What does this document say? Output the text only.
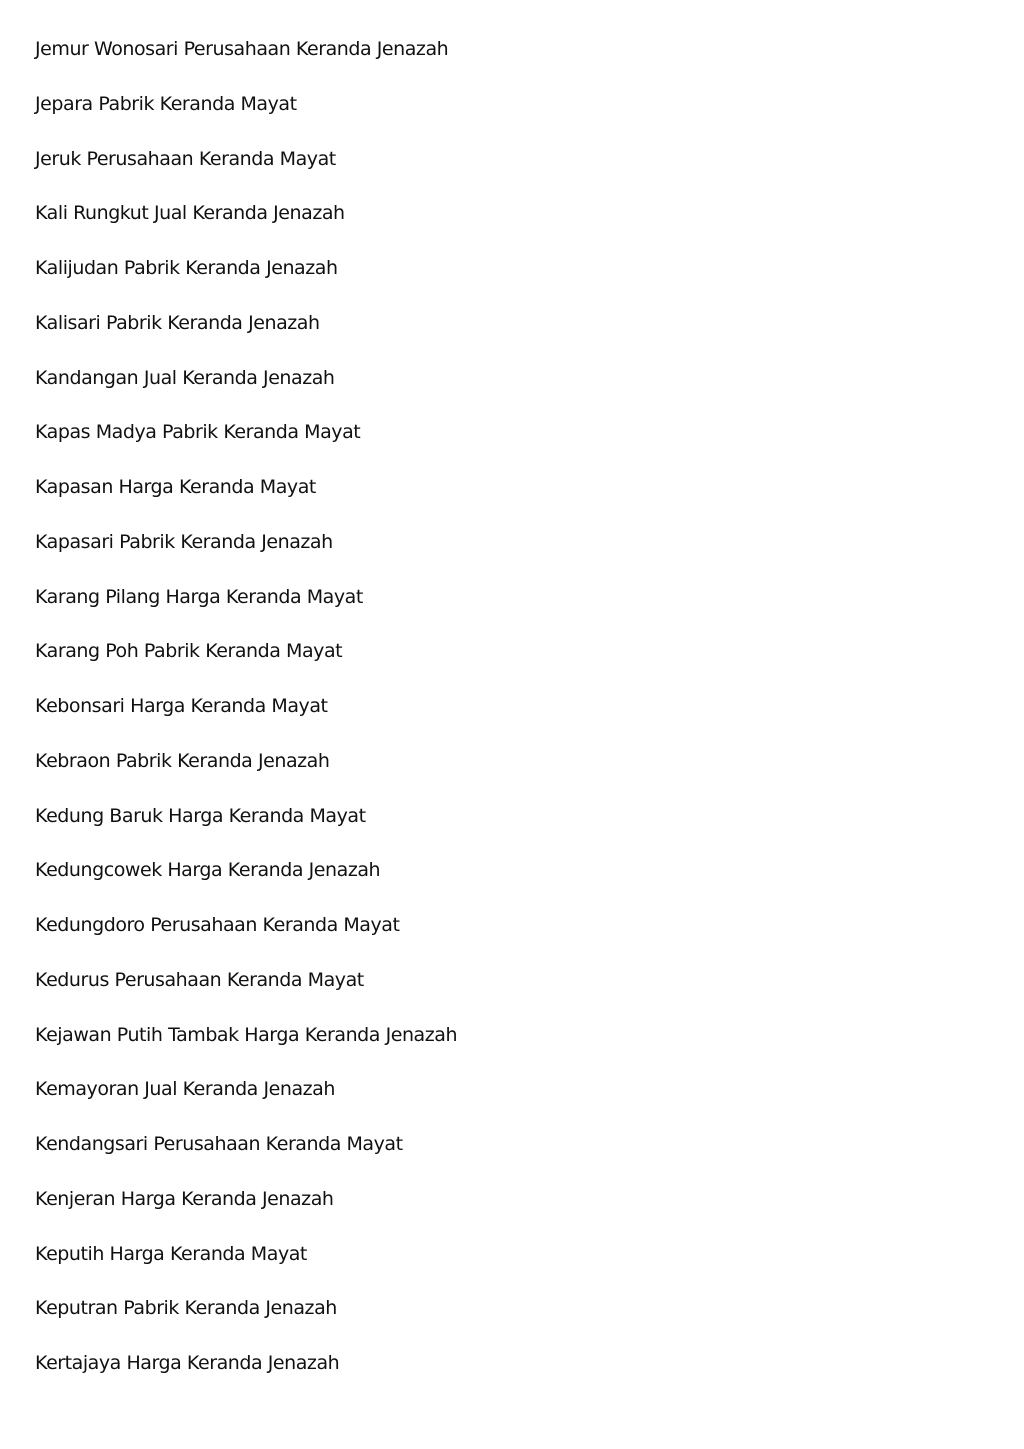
Jemur Wonosari Perusahaan Keranda Jenazah
Jepara Pabrik Keranda Mayat
Jeruk Perusahaan Keranda Mayat
Kali Rungkut Jual Keranda Jenazah
Kalijudan Pabrik Keranda Jenazah
Kalisari Pabrik Keranda Jenazah
Kandangan Jual Keranda Jenazah
Kapas Madya Pabrik Keranda Mayat
Kapasan Harga Keranda Mayat
Kapasari Pabrik Keranda Jenazah
Karang Pilang Harga Keranda Mayat
Karang Poh Pabrik Keranda Mayat
Kebonsari Harga Keranda Mayat
Kebraon Pabrik Keranda Jenazah
Kedung Baruk Harga Keranda Mayat
Kedungcowek Harga Keranda Jenazah
Kedungdoro Perusahaan Keranda Mayat
Kedurus Perusahaan Keranda Mayat
Kejawan Putih Tambak Harga Keranda Jenazah
Kemayoran Jual Keranda Jenazah
Kendangsari Perusahaan Keranda Mayat
Kenjeran Harga Keranda Jenazah
Keputih Harga Keranda Mayat
Keputran Pabrik Keranda Jenazah
Kertajaya Harga Keranda Jenazah
